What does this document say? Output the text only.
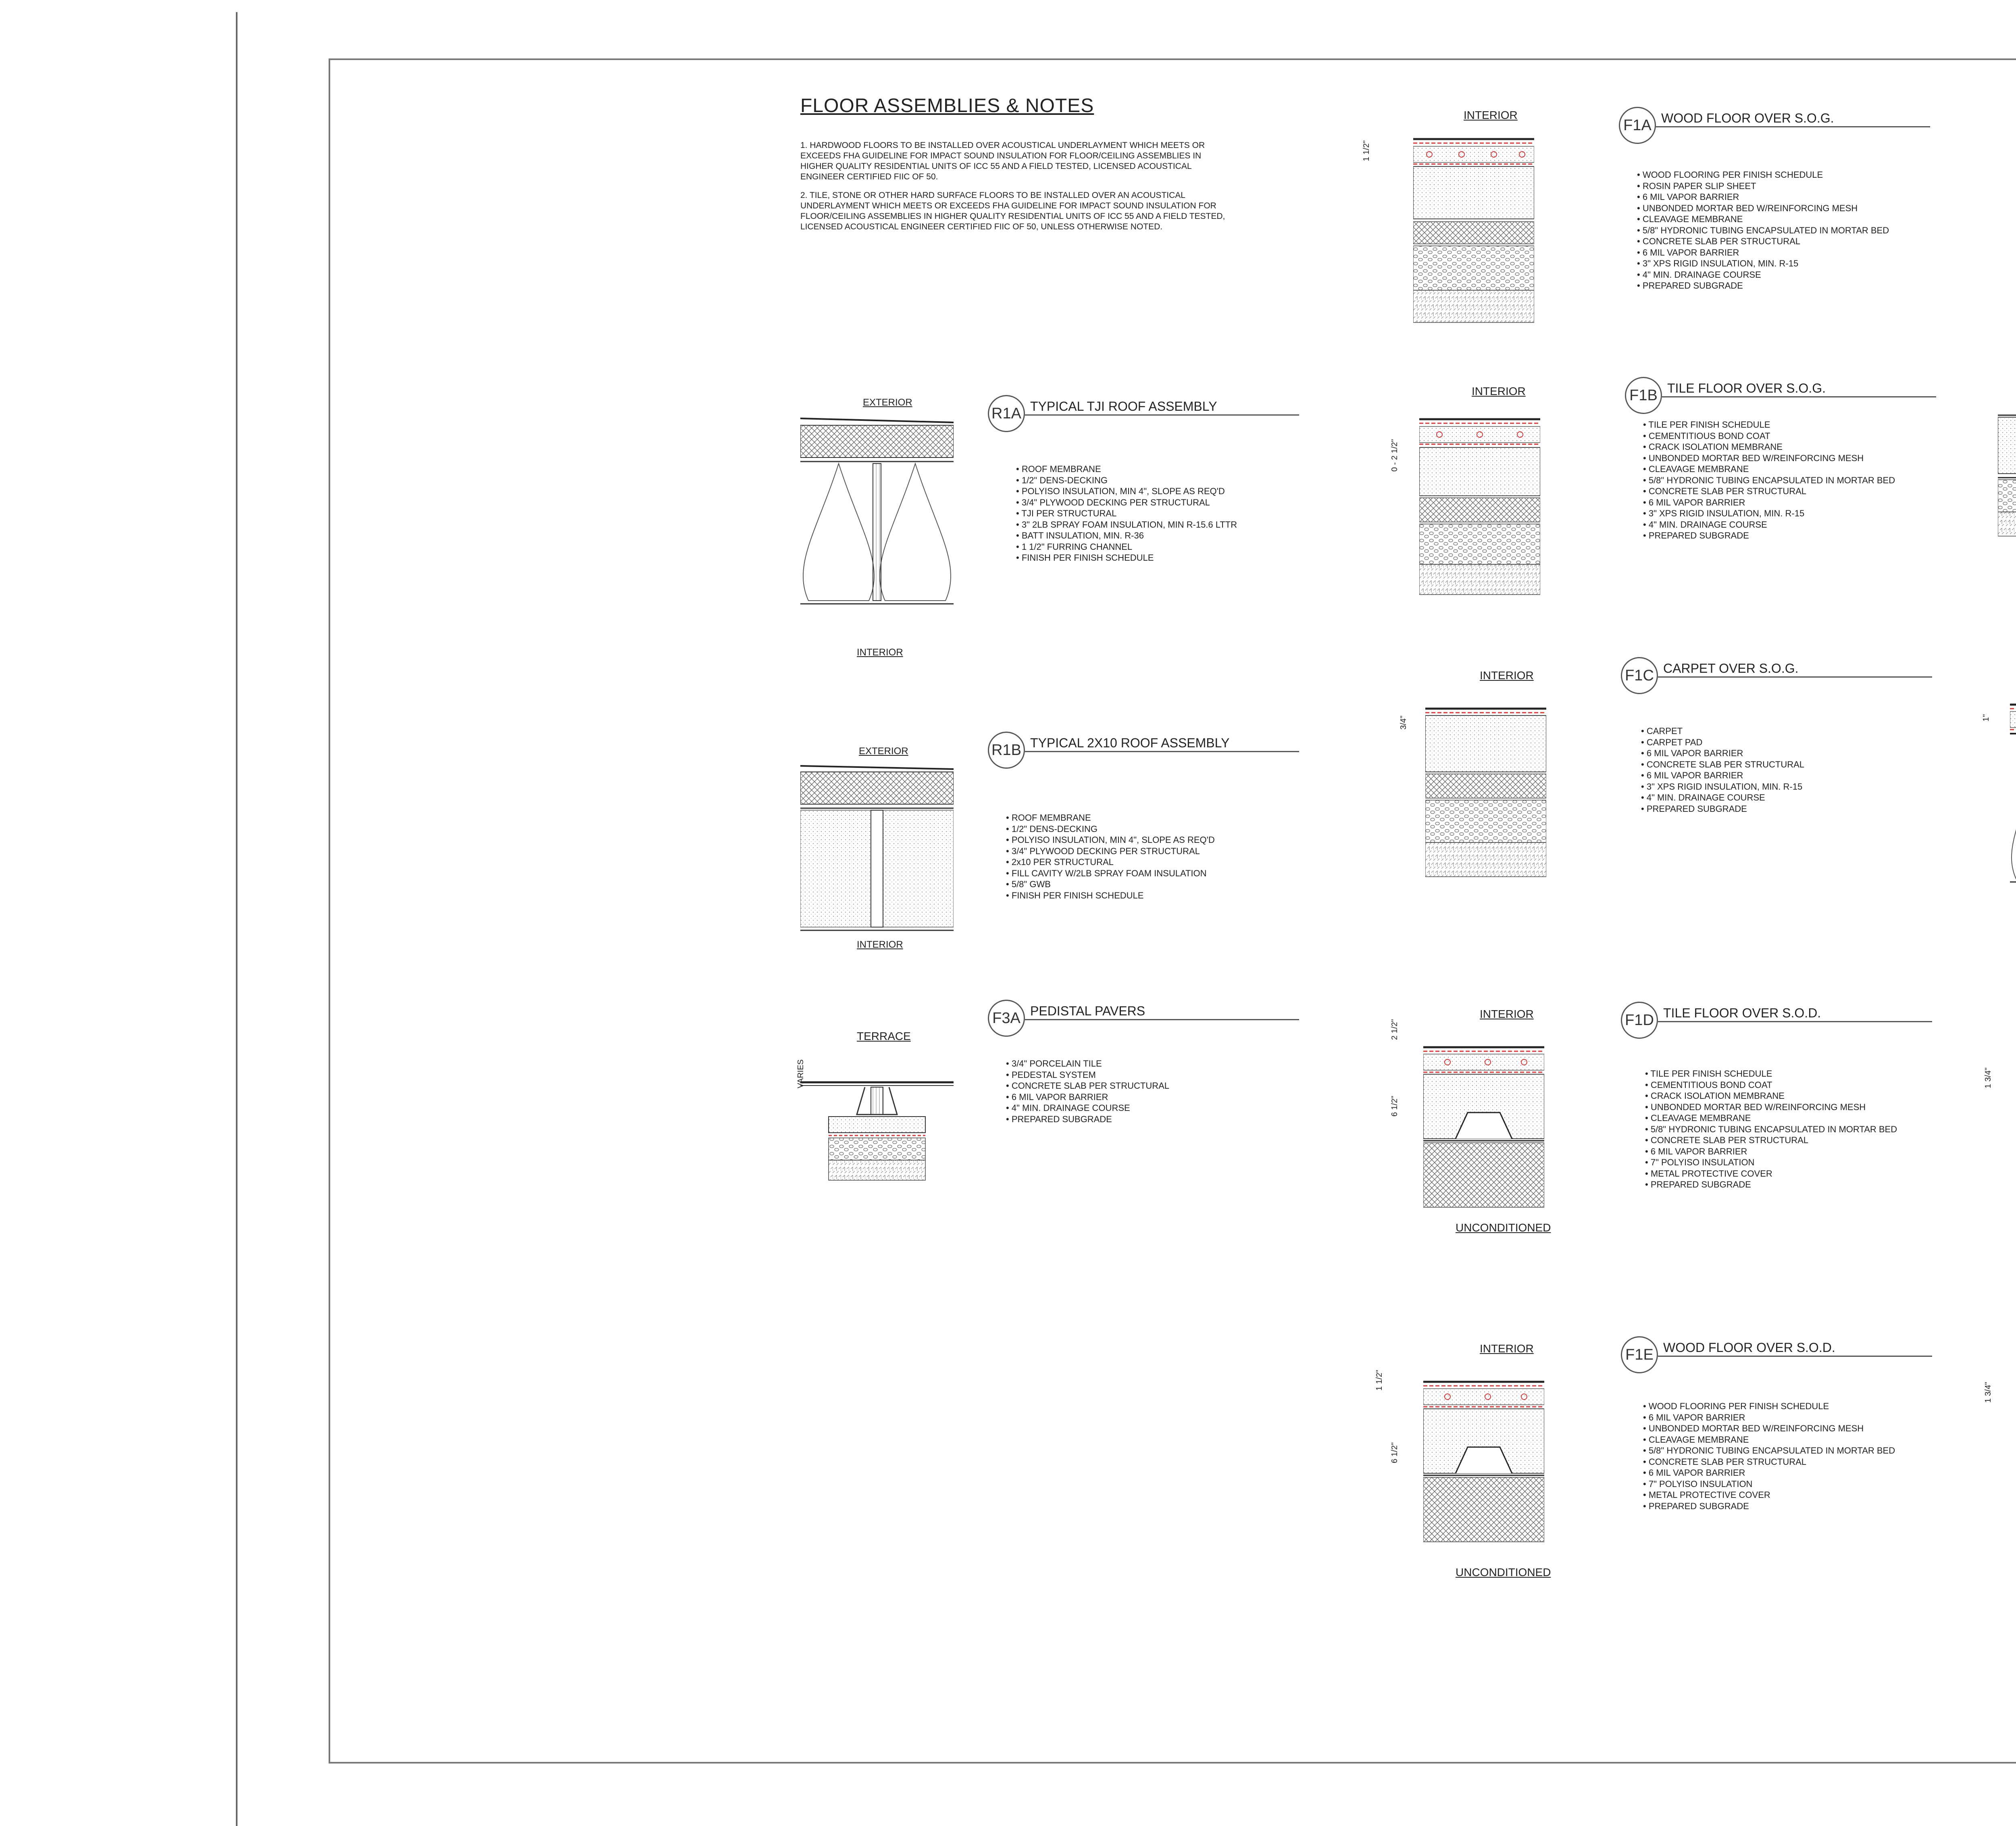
FLOOR ASSEMBLIES & NOTES

1. HARDWOOD FLOORS TO BE INSTALLED OVER ACOUSTICAL UNDERLAYMENT WHICH MEETS OR EXCEEDS FHA GUIDELINE FOR IMPACT SOUND INSULATION FOR FLOOR/CEILING ASSEMBLIES IN HIGHER QUALITY RESIDENTIAL UNITS OF ICC 55 AND A FIELD TESTED, LICENSED ACOUSTICAL ENGINEER CERTIFIED FIIC OF 50.

2. TILE, STONE OR OTHER HARD SURFACE FLOORS TO BE INSTALLED OVER AN ACOUSTICAL UNDERLAYMENT WHICH MEETS OR EXCEEDS FHA GUIDELINE FOR IMPACT SOUND INSULATION FOR FLOOR/CEILING ASSEMBLIES IN HIGHER QUALITY RESIDENTIAL UNITS OF ICC 55 AND A FIELD TESTED, LICENSED ACOUSTICAL ENGINEER CERTIFIED FIIC OF 50, UNLESS OTHERWISE NOTED.

EXTERIOR
INTERIOR
R1A TYPICAL TJI ROOF ASSEMBLY
• ROOF MEMBRANE
• 1/2" DENS-DECKING
• POLYISO INSULATION, MIN 4", SLOPE AS REQ'D
• 3/4" PLYWOOD DECKING PER STRUCTURAL
• TJI PER STRUCTURAL
• 3" 2LB SPRAY FOAM INSULATION, MIN R-15.6 LTTR
• BATT INSULATION, MIN. R-36
• 1 1/2" FURRING CHANNEL
• FINISH PER FINISH SCHEDULE
EXTERIOR
INTERIOR
R1B TYPICAL 2X10 ROOF ASSEMBLY
• ROOF MEMBRANE
• 1/2" DENS-DECKING
• POLYISO INSULATION, MIN 4", SLOPE AS REQ'D
• 3/4" PLYWOOD DECKING PER STRUCTURAL
• 2x10 PER STRUCTURAL
• FILL CAVITY W/2LB SPRAY FOAM INSULATION
• 5/8" GWB
• FINISH PER FINISH SCHEDULE
TERRACE
VARIES
F3A PEDISTAL PAVERS
• 3/4" PORCELAIN TILE
• PEDESTAL SYSTEM
• CONCRETE SLAB PER STRUCTURAL
• 6 MIL VAPOR BARRIER
• 4" MIN. DRAINAGE COURSE
• PREPARED SUBGRADE
INTERIOR
1 1/2"
F1A WOOD FLOOR OVER S.O.G.
• WOOD FLOORING PER FINISH SCHEDULE
• ROSIN PAPER SLIP SHEET
• 6 MIL VAPOR BARRIER
• UNBONDED MORTAR BED W/REINFORCING MESH
• CLEAVAGE MEMBRANE
• 5/8" HYDRONIC TUBING ENCAPSULATED IN MORTAR BED
• CONCRETE SLAB PER STRUCTURAL
• 6 MIL VAPOR BARRIER
• 3" XPS RIGID INSULATION, MIN. R-15
• 4" MIN. DRAINAGE COURSE
• PREPARED SUBGRADE
INTERIOR
0 - 2 1/2"
F1B TILE FLOOR OVER S.O.G.
• TILE PER FINISH SCHEDULE
• CEMENTITIOUS BOND COAT
• CRACK ISOLATION MEMBRANE
• UNBONDED MORTAR BED W/REINFORCING MESH
• CLEAVAGE MEMBRANE
• 5/8" HYDRONIC TUBING ENCAPSULATED IN MORTAR BED
• CONCRETE SLAB PER STRUCTURAL
• 6 MIL VAPOR BARRIER
• 3" XPS RIGID INSULATION, MIN. R-15
• 4" MIN. DRAINAGE COURSE
• PREPARED SUBGRADE
INTERIOR
3/4"
F1C CARPET OVER S.O.G.
• CARPET
• CARPET PAD
• 6 MIL VAPOR BARRIER
• CONCRETE SLAB PER STRUCTURAL
• 6 MIL VAPOR BARRIER
• 3" XPS RIGID INSULATION, MIN. R-15
• 4" MIN. DRAINAGE COURSE
• PREPARED SUBGRADE
INTERIOR
2 1/2"
6 1/2"
UNCONDITIONED
F1D TILE FLOOR OVER S.O.D.
• TILE PER FINISH SCHEDULE
• CEMENTITIOUS BOND COAT
• CRACK ISOLATION MEMBRANE
• UNBONDED MORTAR BED W/REINFORCING MESH
• CLEAVAGE MEMBRANE
• 5/8" HYDRONIC TUBING ENCAPSULATED IN MORTAR BED
• CONCRETE SLAB PER STRUCTURAL
• 6 MIL VAPOR BARRIER
• 7" POLYISO INSULATION
• METAL PROTECTIVE COVER
• PREPARED SUBGRADE
INTERIOR
1 1/2"
6 1/2"
UNCONDITIONED
F1E WOOD FLOOR OVER S.O.D.
• WOOD FLOORING PER FINISH SCHEDULE
• 6 MIL VAPOR BARRIER
• UNBONDED MORTAR BED W/REINFORCING MESH
• CLEAVAGE MEMBRANE
• 5/8" HYDRONIC TUBING ENCAPSULATED IN MORTAR BED
• CONCRETE SLAB PER STRUCTURAL
• 6 MIL VAPOR BARRIER
• 7" POLYISO INSULATION
• METAL PROTECTIVE COVER
• PREPARED SUBGRADE
1"
1 3/4"
1 3/4"
